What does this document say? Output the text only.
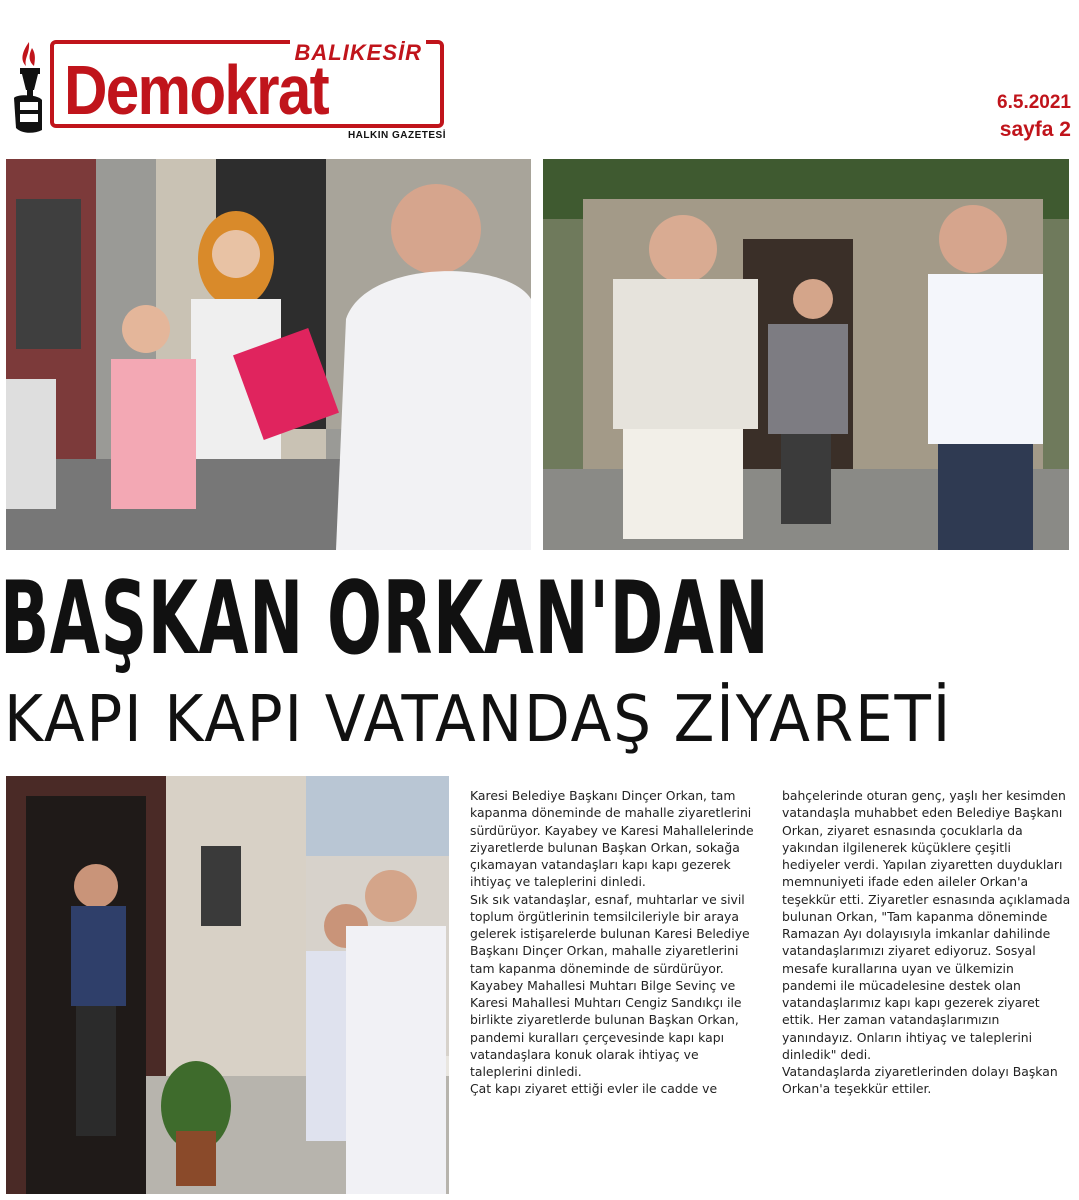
BALIKESİR
Demokrat
HALKIN GAZETESİ
6.5.2021
sayfa 2
BAŞKAN ORKAN'DAN
KAPI KAPI VATANDAŞ ZİYARETİ

Karesi Belediye Başkanı Dinçer Orkan, tam kapanma döneminde de mahalle ziyaretlerini sürdürüyor. Kayabey ve Karesi Mahallelerinde ziyaretlerde bulunan Başkan Orkan, sokağa çıkamayan vatandaşları kapı kapı gezerek ihtiyaç ve taleplerini dinledi.

Sık sık vatandaşlar, esnaf, muhtarlar ve sivil toplum örgütlerinin temsilcileriyle bir araya gelerek istişarelerde bulunan Karesi Belediye Başkanı Dinçer Orkan, mahalle ziyaretlerini tam kapanma döneminde de sürdürüyor. Kayabey Mahallesi Muhtarı Bilge Sevinç ve Karesi Mahallesi Muhtarı Cengiz Sandıkçı ile birlikte ziyaretlerde bulunan Başkan Orkan, pandemi kuralları çerçevesinde kapı kapı vatandaşlara konuk olarak ihtiyaç ve taleplerini dinledi.

Çat kapı ziyaret ettiği evler ile cadde ve

bahçelerinde oturan genç, yaşlı her kesimden vatandaşla muhabbet eden Belediye Başkanı Orkan, ziyaret esnasında çocuklarla da yakından ilgilenerek küçüklere çeşitli hediyeler verdi. Yapılan ziyaretten duydukları memnuniyeti ifade eden aileler Orkan'a teşekkür etti. Ziyaretler esnasında açıklamada bulunan Orkan, "Tam kapanma döneminde Ramazan Ayı dolayısıyla imkanlar dahilinde vatandaşlarımızı ziyaret ediyoruz. Sosyal mesafe kurallarına uyan ve ülkemizin pandemi ile mücadelesine destek olan vatandaşlarımız kapı kapı gezerek ziyaret ettik. Her zaman vatandaşlarımızın yanındayız. Onların ihtiyaç ve taleplerini dinledik" dedi.

Vatandaşlarda ziyaretlerinden dolayı Başkan Orkan'a teşekkür ettiler.
